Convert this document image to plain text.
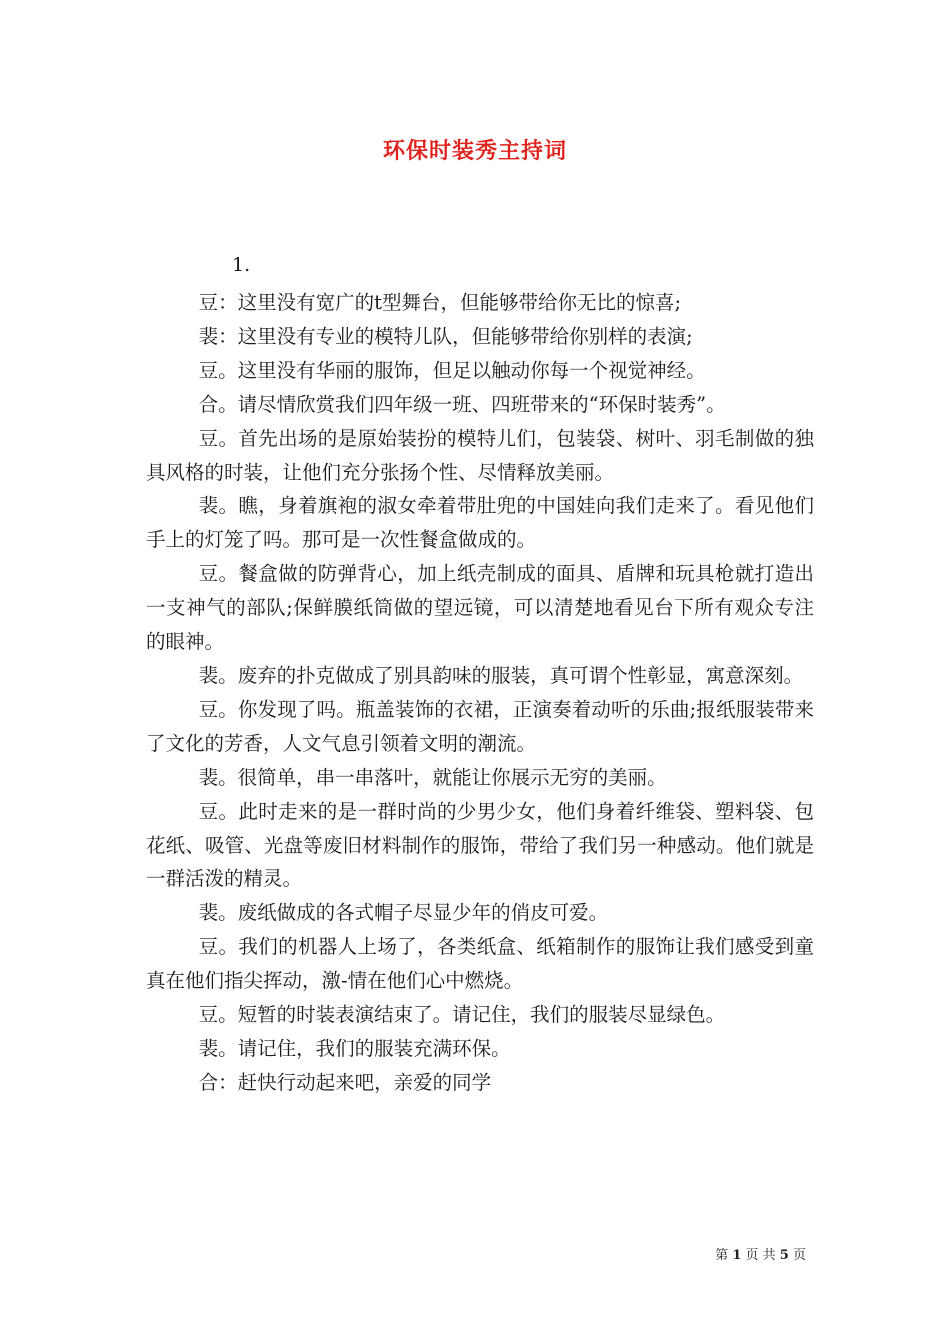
环保时装秀主持词
1.

豆：这里没有宽广的t型舞台，但能够带给你无比的惊喜;

裴：这里没有专业的模特儿队，但能够带给你别样的表演;

豆。这里没有华丽的服饰，但足以触动你每一个视觉神经。

合。请尽情欣赏我们四年级一班、四班带来的“环保时装秀”。

豆。首先出场的是原始装扮的模特儿们，包装袋、树叶、羽毛制做的独具风格的时装，让他们充分张扬个性、尽情释放美丽。

裴。瞧，身着旗袍的淑女牵着带肚兜的中国娃向我们走来了。看见他们手上的灯笼了吗。那可是一次性餐盒做成的。

豆。餐盒做的防弹背心，加上纸壳制成的面具、盾牌和玩具枪就打造出一支神气的部队;保鲜膜纸筒做的望远镜，可以清楚地看见台下所有观众专注的眼神。

裴。废弃的扑克做成了别具韵味的服装，真可谓个性彰显，寓意深刻。

豆。你发现了吗。瓶盖装饰的衣裙，正演奏着动听的乐曲;报纸服装带来了文化的芳香，人文气息引领着文明的潮流。

裴。很简单，串一串落叶，就能让你展示无穷的美丽。

豆。此时走来的是一群时尚的少男少女，他们身着纤维袋、塑料袋、包花纸、吸管、光盘等废旧材料制作的服饰，带给了我们另一种感动。他们就是一群活泼的精灵。

裴。废纸做成的各式帽子尽显少年的俏皮可爱。

豆。我们的机器人上场了，各类纸盒、纸箱制作的服饰让我们感受到童真在他们指尖挥动，激-情在他们心中燃烧。

豆。短暂的时装表演结束了。请记住，我们的服装尽显绿色。

裴。请记住，我们的服装充满环保。

合：赶快行动起来吧，亲爱的同学

第 1 页 共 5 页
